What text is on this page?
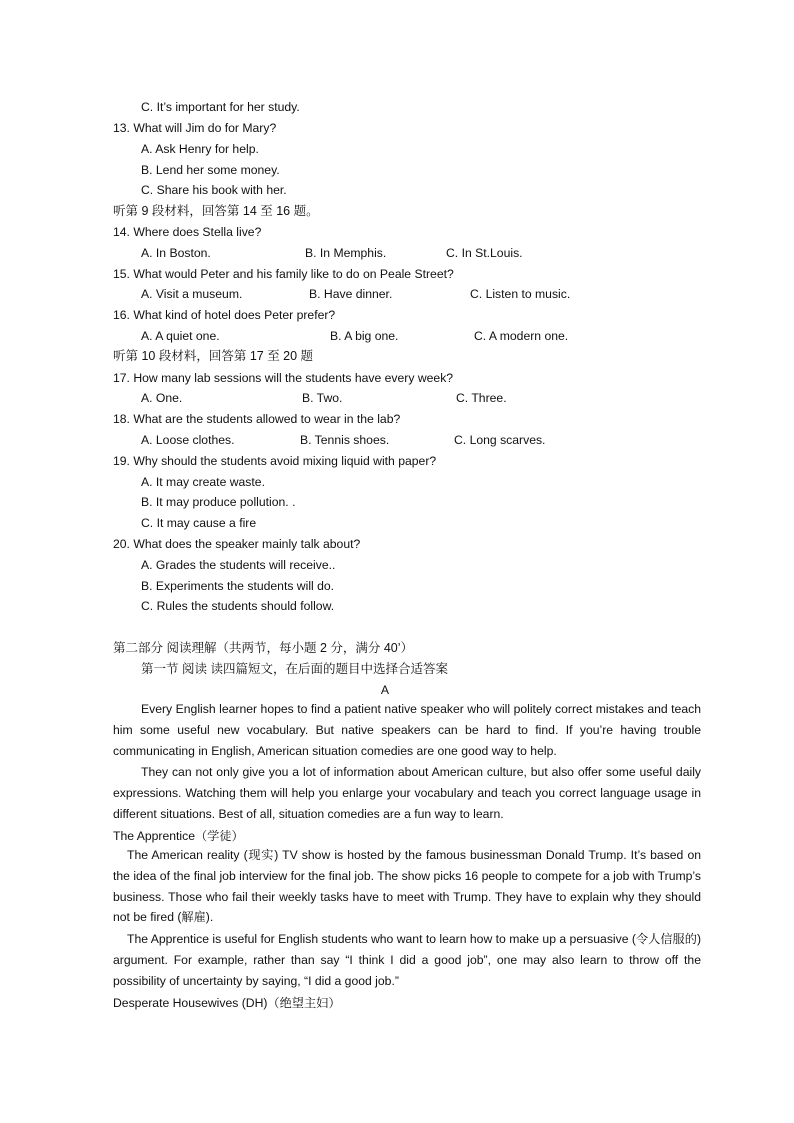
C. It’s important for her study.
13. What will Jim do for Mary?
A. Ask Henry for help.
B. Lend her some money.
C. Share his book with her.
听第 9 段材料，回答第 14 至 16 题。
14. Where does Stella live?
A. In Boston.	B. In Memphis.	C. In St.Louis.
15. What would Peter and his family like to do on Peale Street?
A. Visit a museum.	B. Have dinner.	C. Listen to music.
16. What kind of hotel does Peter prefer?
A. A quiet one.	B. A big one.	C. A modern one.
听第 10 段材料，回答第 17 至 20 题
17. How many lab sessions will the students have every week?
A. One.	B. Two.	C. Three.
18. What are the students allowed to wear in the lab?
A. Loose clothes.	B. Tennis shoes.	C. Long scarves.
19. Why should the students avoid mixing liquid with paper?
A. It may create waste.
B. It may produce pollution. .
C. It may cause a fire
20. What does the speaker mainly talk about?
A. Grades the students will receive..
B. Experiments the students will do.
C. Rules the students should follow.
第二部分 阅读理解（共两节，每小题 2 分，满分 40’）
第一节 阅读 读四篇短文，在后面的题目中选择合适答案
A
Every English learner hopes to find a patient native speaker who will politely correct mistakes and teach him some useful new vocabulary. But native speakers can be hard to find. If you’re having trouble communicating in English, American situation comedies are one good way to help.
They can not only give you a lot of information about American culture, but also offer some useful daily expressions. Watching them will help you enlarge your vocabulary and teach you correct language usage in different situations. Best of all, situation comedies are a fun way to learn.
The Apprentice（学徒）
The American reality (现实) TV show is hosted by the famous businessman Donald Trump. It’s based on the idea of the final job interview for the final job. The show picks 16 people to compete for a job with Trump’s business. Those who fail their weekly tasks have to meet with Trump. They have to explain why they should not be fired (解雇).
The Apprentice is useful for English students who want to learn how to make up a persuasive (令人信服的) argument. For example, rather than say “I think I did a good job”, one may also learn to throw off the possibility of uncertainty by saying, “I did a good job.”
Desperate Housewives (DH)（绝望主妇）
